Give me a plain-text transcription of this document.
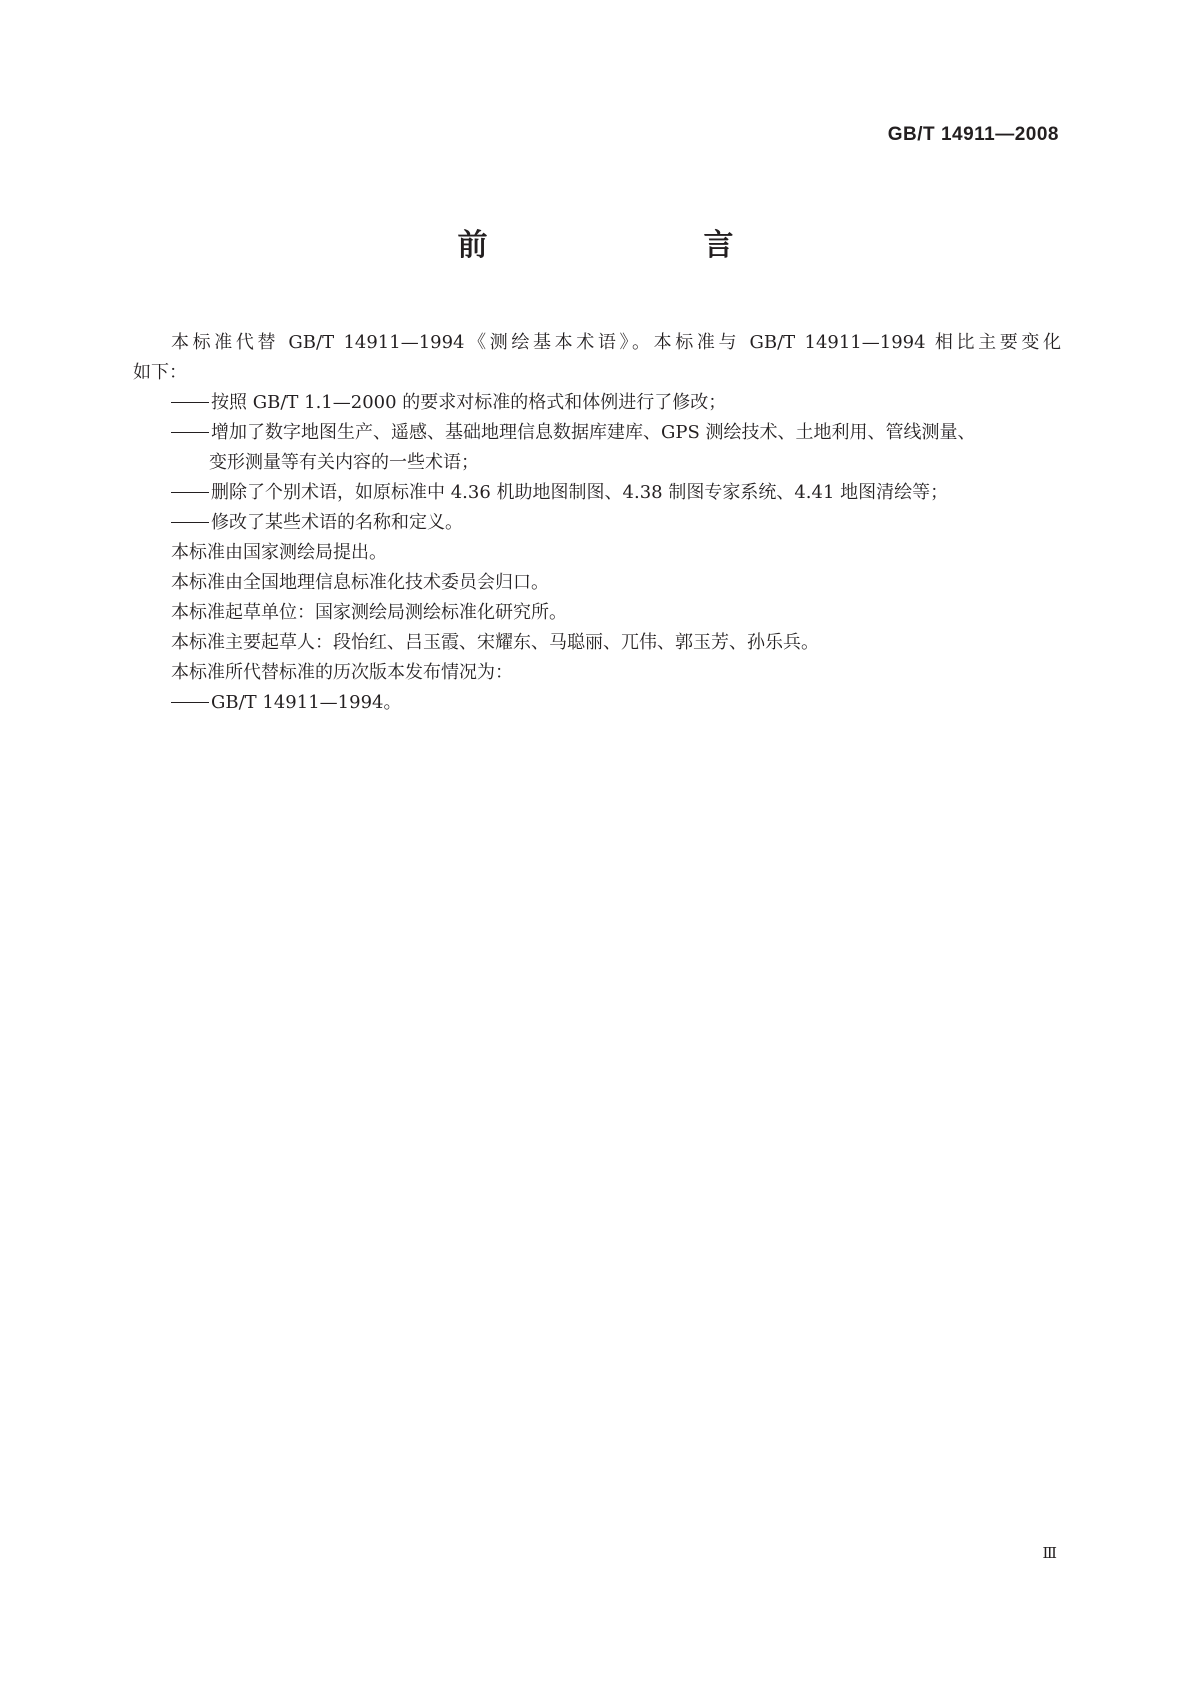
GB/T 14911—2008
前　　言

本标准代替 GB/T 14911—1994《测绘基本术语》。本标准与 GB/T 14911—1994 相比主要变化

如下：

按照 GB/T 1.1—2000 的要求对标准的格式和体例进行了修改；

增加了数字地图生产、遥感、基础地理信息数据库建库、GPS 测绘技术、土地利用、管线测量、

变形测量等有关内容的一些术语；

删除了个别术语，如原标准中 4.36 机助地图制图、4.38 制图专家系统、4.41 地图清绘等；

修改了某些术语的名称和定义。

本标准由国家测绘局提出。

本标准由全国地理信息标准化技术委员会归口。

本标准起草单位：国家测绘局测绘标准化研究所。

本标准主要起草人：段怡红、吕玉霞、宋耀东、马聪丽、兀伟、郭玉芳、孙乐兵。

本标准所代替标准的历次版本发布情况为：

GB/T 14911—1994。

Ⅲ
